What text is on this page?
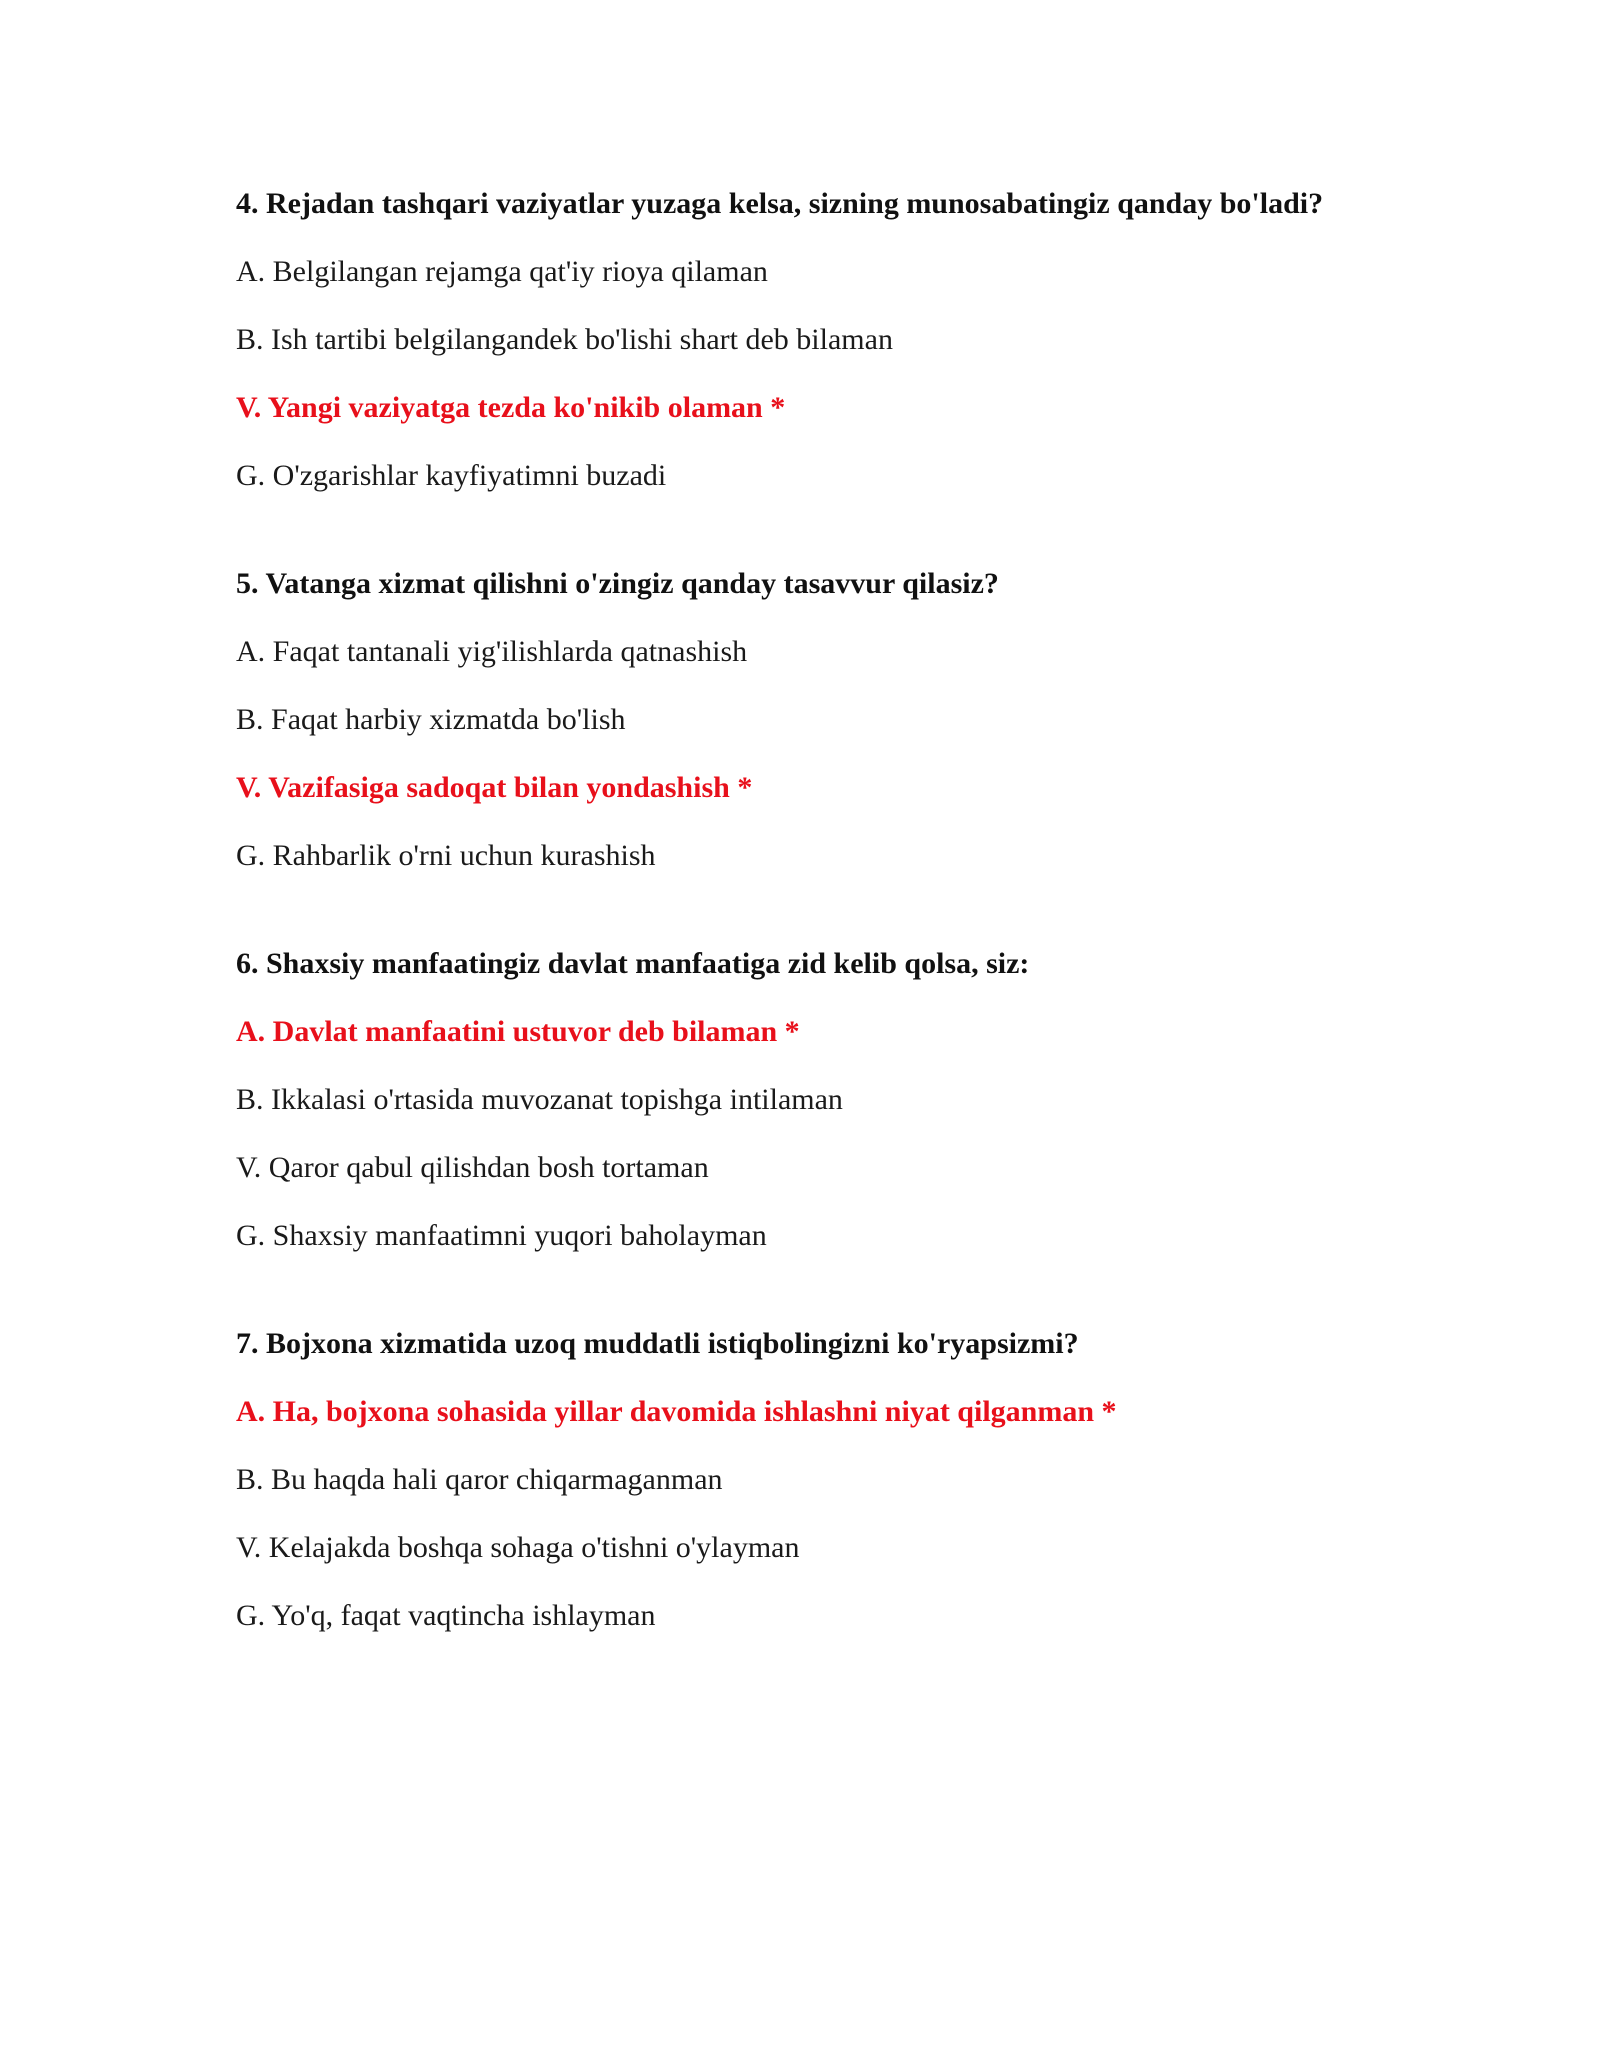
4. Rejadan tashqari vaziyatlar yuzaga kelsa, sizning munosabatingiz qanday bo'ladi?
A. Belgilangan rejamga qat'iy rioya qilaman
B. Ish tartibi belgilangandek bo'lishi shart deb bilaman
V. Yangi vaziyatga tezda ko'nikib olaman *
G. O'zgarishlar kayfiyatimni buzadi
5. Vatanga xizmat qilishni o'zingiz qanday tasavvur qilasiz?
A. Faqat tantanali yig'ilishlarda qatnashish
B. Faqat harbiy xizmatda bo'lish
V. Vazifasiga sadoqat bilan yondashish *
G. Rahbarlik o'rni uchun kurashish
6. Shaxsiy manfaatingiz davlat manfaatiga zid kelib qolsa, siz:
A. Davlat manfaatini ustuvor deb bilaman *
B. Ikkalasi o'rtasida muvozanat topishga intilaman
V. Qaror qabul qilishdan bosh tortaman
G. Shaxsiy manfaatimni yuqori baholayman
7. Bojxona xizmatida uzoq muddatli istiqbolingizni ko'ryapsizmi?
A. Ha, bojxona sohasida yillar davomida ishlashni niyat qilganman *
B. Bu haqda hali qaror chiqarmaganman
V. Kelajakda boshqa sohaga o'tishni o'ylayman
G. Yo'q, faqat vaqtincha ishlayman
